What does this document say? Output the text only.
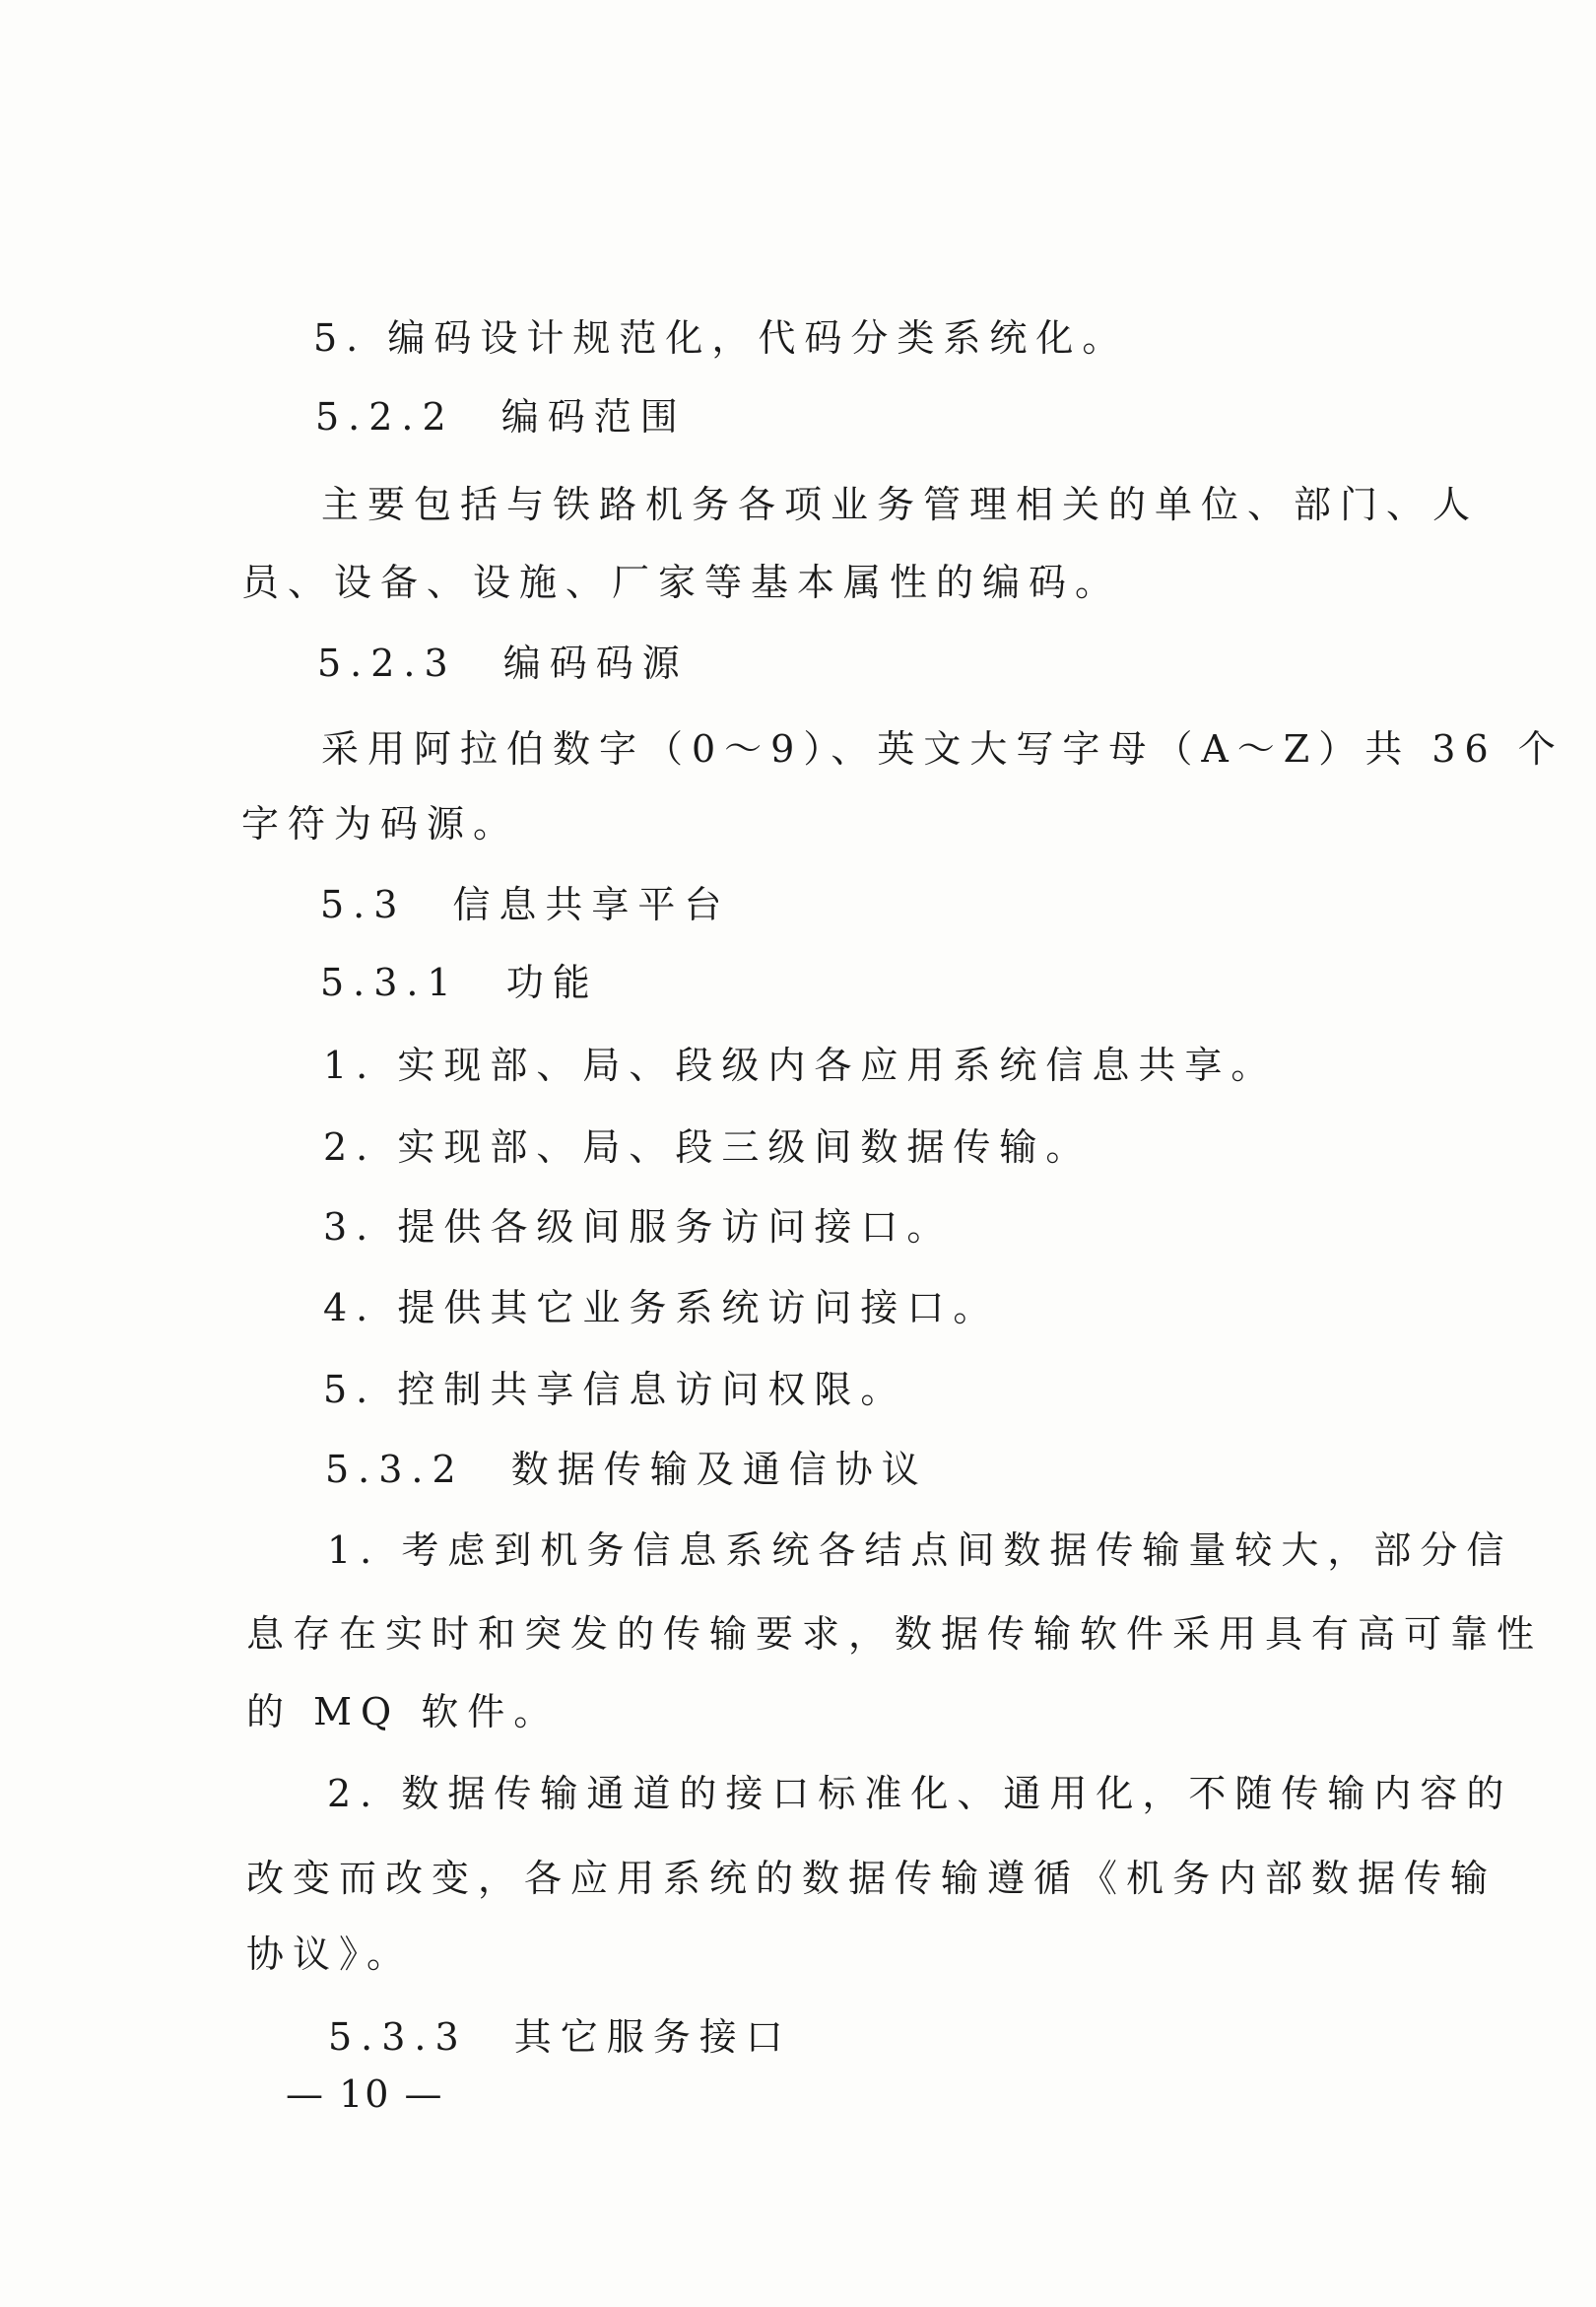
5. 编码设计规范化，代码分类系统化。
5.2.2　编码范围
主要包括与铁路机务各项业务管理相关的单位、部门、人
员、设备、设施、厂家等基本属性的编码。
5.2.3　编码码源
采用阿拉伯数字（0～9）、英文大写字母（A～Z）共 36 个
字符为码源。
5.3　信息共享平台
5.3.1　功能
1. 实现部、局、段级内各应用系统信息共享。
2. 实现部、局、段三级间数据传输。
3. 提供各级间服务访问接口。
4. 提供其它业务系统访问接口。
5. 控制共享信息访问权限。
5.3.2　数据传输及通信协议
1. 考虑到机务信息系统各结点间数据传输量较大，部分信
息存在实时和突发的传输要求，数据传输软件采用具有高可靠性
的 MQ 软件。
2. 数据传输通道的接口标准化、通用化，不随传输内容的
改变而改变，各应用系统的数据传输遵循《机务内部数据传输
协议》。
5.3.3　其它服务接口
— 10 —
